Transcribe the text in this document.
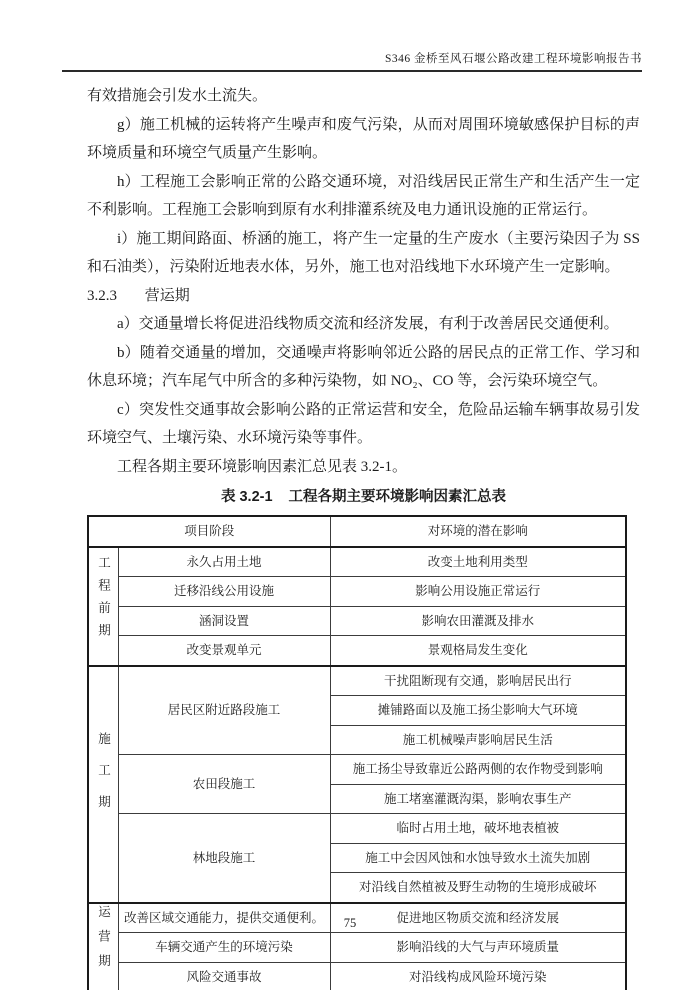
S346 金桥至风石堰公路改建工程环境影响报告书

有效措施会引发水土流失。

g）施工机械的运转将产生噪声和废气污染，从而对周围环境敏感保护目标的声环境质量和环境空气质量产生影响。

h）工程施工会影响正常的公路交通环境，对沿线居民正常生产和生活产生一定不利影响。工程施工会影响到原有水利排灌系统及电力通讯设施的正常运行。

i）施工期间路面、桥涵的施工，将产生一定量的生产废水（主要污染因子为 SS 和石油类），污染附近地表水体，另外，施工也对沿线地下水环境产生一定影响。

3.2.3 营运期

a）交通量增长将促进沿线物质交流和经济发展，有利于改善居民交通便利。

b）随着交通量的增加，交通噪声将影响邻近公路的居民点的正常工作、学习和休息环境；汽车尾气中所含的多种污染物，如 NO₂、CO 等，会污染环境空气。

c）突发性交通事故会影响公路的正常运营和安全，危险品运输车辆事故易引发环境空气、土壤污染、水环境污染等事件。

工程各期主要环境影响因素汇总见表 3.2-1。

表 3.2-1 工程各期主要环境影响因素汇总表
项目阶段		对环境的潜在影响
工程前期	永久占用土地	改变土地利用类型
	迁移沿线公用设施	影响公用设施正常运行
	涵洞设置	影响农田灌溉及排水
	改变景观单元	景观格局发生变化
施工期	居民区附近路段施工	干扰阻断现有交通，影响居民出行
		摊铺路面以及施工扬尘影响大气环境
		施工机械噪声影响居民生活
	农田段施工	施工扬尘导致靠近公路两侧的农作物受到影响
		施工堵塞灌溉沟渠，影响农事生产
	林地段施工	临时占用土地，破坏地表植被
		施工中会因风蚀和水蚀导致水土流失加剧
		对沿线自然植被及野生动物的生境形成破坏
运营期	改善区域交通能力，提供交通便利。	促进地区物质交流和经济发展
	车辆交通产生的环境污染	影响沿线的大气与声环境质量
	风险交通事故	对沿线构成风险环境污染
75
